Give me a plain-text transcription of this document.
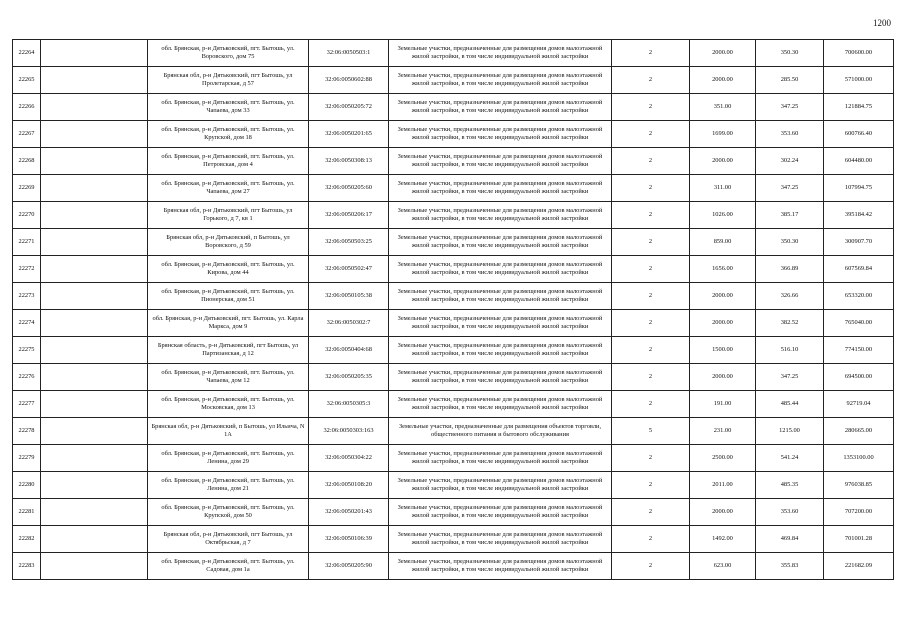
1200
22264		обл. Брянская, р-н Дятьковский, пгт. Бытошь, ул. Воровского, дом 75	32:06:0050503:1	Земельные участки, предназначенные для размещения домов малоэтажной жилой застройки, в том числе индивидуальной жилой застройки	2	2000.00	350.30	700600.00
22265		Брянская обл, р-н Дятьковский, пгт Бытошь, ул Пролетарская, д 57	32:06:0050602:88	Земельные участки, предназначенные для размещения домов малоэтажной жилой застройки, в том числе индивидуальной жилой застройки	2	2000.00	285.50	571000.00
22266		обл. Брянская, р-н Дятьковский, пгт. Бытошь, ул. Чапаева, дом 33	32:06:0050205:72	Земельные участки, предназначенные для размещения домов малоэтажной жилой застройки, в том числе индивидуальной жилой застройки	2	351.00	347.25	121884.75
22267		обл. Брянская, р-н Дятьковский, пгт. Бытошь, ул. Крупской, дом 18	32:06:0050201:65	Земельные участки, предназначенные для размещения домов малоэтажной жилой застройки, в том числе индивидуальной жилой застройки	2	1699.00	353.60	600766.40
22268		обл. Брянская, р-н Дятьковский, пгт. Бытошь, ул. Петровская, дом 4	32:06:0050308:13	Земельные участки, предназначенные для размещения домов малоэтажной жилой застройки, в том числе индивидуальной жилой застройки	2	2000.00	302.24	604480.00
22269		обл. Брянская, р-н Дятьковский, пгт. Бытошь, ул. Чапаева, дом 27	32:06:0050205:60	Земельные участки, предназначенные для размещения домов малоэтажной жилой застройки, в том числе индивидуальной жилой застройки	2	311.00	347.25	107994.75
22270		Брянская обл, р-н Дятьковский, пгт Бытошь, ул Горького, д 7, кв 1	32:06:0050206:17	Земельные участки, предназначенные для размещения домов малоэтажной жилой застройки, в том числе индивидуальной жилой застройки	2	1026.00	385.17	395184.42
22271		Брянская обл, р-н Дятьковский, п Бытошь, ул Воровского, д 59	32:06:0050503:25	Земельные участки, предназначенные для размещения домов малоэтажной жилой застройки, в том числе индивидуальной жилой застройки	2	859.00	350.30	300907.70
22272		обл. Брянская, р-н Дятьковский, пгт. Бытошь, ул. Кирова, дом 44	32:06:0050502:47	Земельные участки, предназначенные для размещения домов малоэтажной жилой застройки, в том числе индивидуальной жилой застройки	2	1656.00	366.89	607569.84
22273		обл. Брянская, р-н Дятьковский, пгт. Бытошь, ул. Пионерская, дом 51	32:06:0050105:38	Земельные участки, предназначенные для размещения домов малоэтажной жилой застройки, в том числе индивидуальной жилой застройки	2	2000.00	326.66	653320.00
22274		обл. Брянская, р-н Дятьковский, пгт. Бытошь, ул. Карла Маркса, дом 9	32:06:0050302:7	Земельные участки, предназначенные для размещения домов малоэтажной жилой застройки, в том числе индивидуальной жилой застройки	2	2000.00	382.52	765040.00
22275		Брянская область, р-н Дятьковский, пгт Бытошь, ул Партизанская, д 12	32:06:0050404:68	Земельные участки, предназначенные для размещения домов малоэтажной жилой застройки, в том числе индивидуальной жилой застройки	2	1500.00	516.10	774150.00
22276		обл. Брянская, р-н Дятьковский, пгт. Бытошь, ул. Чапаева, дом 12	32:06:0050205:35	Земельные участки, предназначенные для размещения домов малоэтажной жилой застройки, в том числе индивидуальной жилой застройки	2	2000.00	347.25	694500.00
22277		обл. Брянская, р-н Дятьковский, пгт. Бытошь, ул. Московская, дом 13	32:06:0050305:3	Земельные участки, предназначенные для размещения домов малоэтажной жилой застройки, в том числе индивидуальной жилой застройки	2	191.00	485.44	92719.04
22278		Брянская обл, р-н Дятьковский, п Бытошь, ул Ильича, N 1А	32:06:0050303:163	Земельные участки, предназначенные для размещения объектов торговли, общественного питания и бытового обслуживания	5	231.00	1215.00	280665.00
22279		обл. Брянская, р-н Дятьковский, пгт. Бытошь, ул. Ленина, дом 29	32:06:0050304:22	Земельные участки, предназначенные для размещения домов малоэтажной жилой застройки, в том числе индивидуальной жилой застройки	2	2500.00	541.24	1353100.00
22280		обл. Брянская, р-н Дятьковский, пгт. Бытошь, ул. Ленина, дом 21	32:06:0050108:20	Земельные участки, предназначенные для размещения домов малоэтажной жилой застройки, в том числе индивидуальной жилой застройки	2	2011.00	485.35	976038.85
22281		обл. Брянская, р-н Дятьковский, пгт. Бытошь, ул. Крупской, дом 50	32:06:0050201:43	Земельные участки, предназначенные для размещения домов малоэтажной жилой застройки, в том числе индивидуальной жилой застройки	2	2000.00	353.60	707200.00
22282		Брянская обл, р-н Дятьковский, пгт Бытошь, ул Октябрьская, д 7	32:06:0050106:39	Земельные участки, предназначенные для размещения домов малоэтажной жилой застройки, в том числе индивидуальной жилой застройки	2	1492.00	469.84	701001.28
22283		обл. Брянская, р-н Дятьковский, пгт. Бытошь, ул. Садовая, дом 1а	32:06:0050205:90	Земельные участки, предназначенные для размещения домов малоэтажной жилой застройки, в том числе индивидуальной жилой застройки	2	623.00	355.83	221682.09
